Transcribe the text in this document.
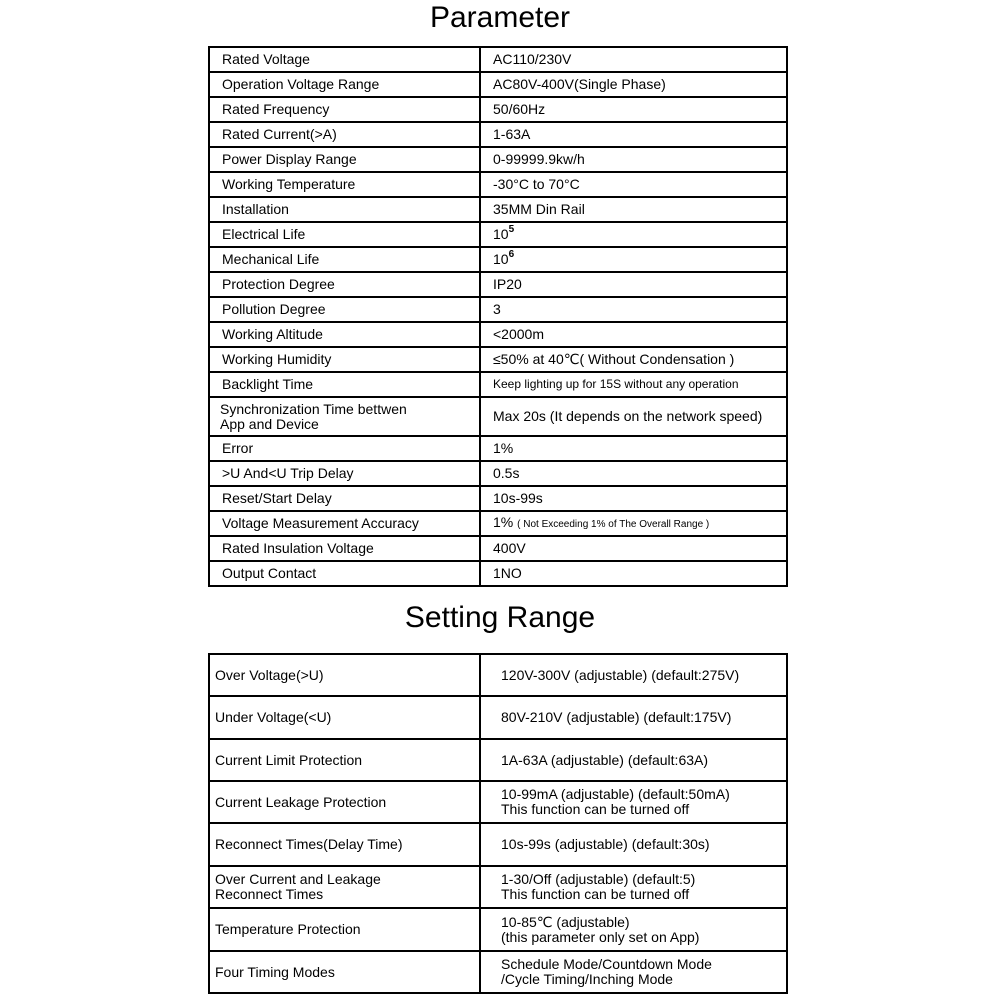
Parameter
Rated Voltage	AC110/230V
Operation Voltage Range	AC80V-400V(Single Phase)
Rated Frequency	50/60Hz
Rated Current(>A)	1-63A
Power Display Range	0-99999.9kw/h
Working Temperature	-30°C to 70°C
Installation	35MM Din Rail
Electrical Life	$10^5$
Mechanical Life	$10^6$
Protection Degree	IP20
Pollution Degree	3
Working Altitude	<2000m
Working Humidity	≤50% at 40℃( Without Condensation )
Backlight Time	Keep lighting up for 15S without any operation

Synchronization Time bettwen
App and Device	Max 20s (It depends on the network speed)
Error	1%
>U And<U Trip Delay	0.5s
Reset/Start Delay	10s-99s
Voltage Measurement Accuracy	1% ( Not Exceeding 1% of The Overall Range )
Rated Insulation Voltage	400V
Output Contact	1NO
Setting Range
Over Voltage(>U)	120V-300V (adjustable) (default:275V)
Under Voltage(<U)	80V-210V (adjustable) (default:175V)
Current Limit Protection	1A-63A (adjustable) (default:63A)
Current Leakage Protection	10-99mA (adjustable) (default:50mA)
This function can be turned off

Reconnect Times(Delay Time)	10s-99s (adjustable) (default:30s)

Over Current and Leakage
Reconnect Times	1-30/Off (adjustable) (default:5)
This function can be turned off

Temperature Protection	10-85℃ (adjustable)
(this parameter only set on App)

Four Timing Modes	Schedule Mode/Countdown Mode
/Cycle Timing/Inching Mode
